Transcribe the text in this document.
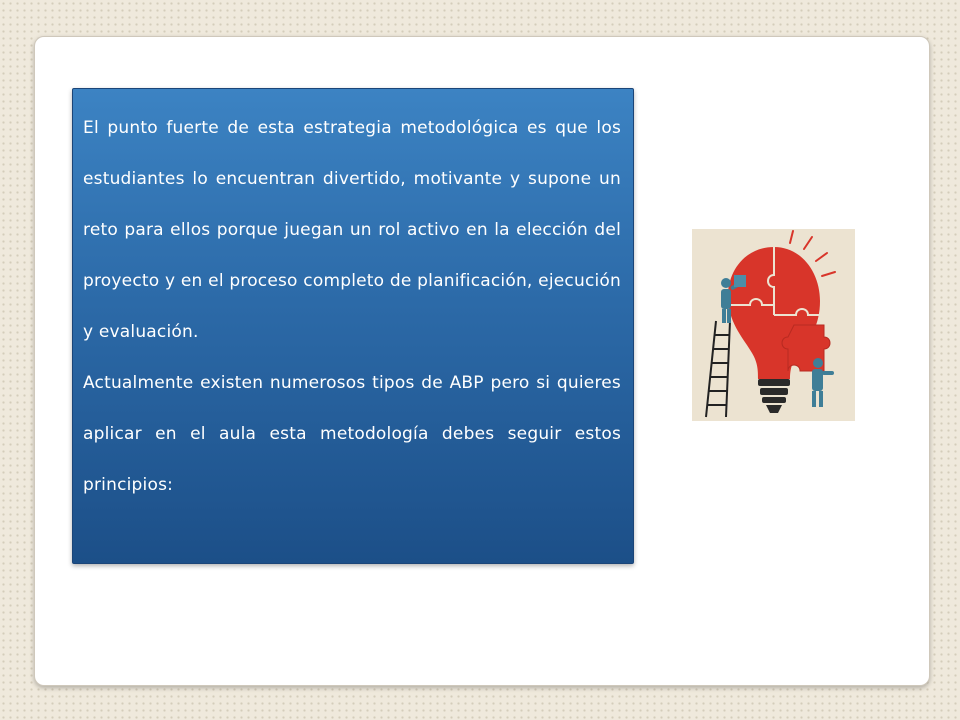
El punto fuerte de esta estrategia metodológica es que los estudiantes lo encuentran divertido, motivante y supone un reto para ellos porque juegan un rol activo en la elección del proyecto y en el proceso completo de planificación, ejecución y evaluación.

Actualmente existen numerosos tipos de ABP pero si quieres aplicar en el aula esta metodología debes seguir estos principios:
